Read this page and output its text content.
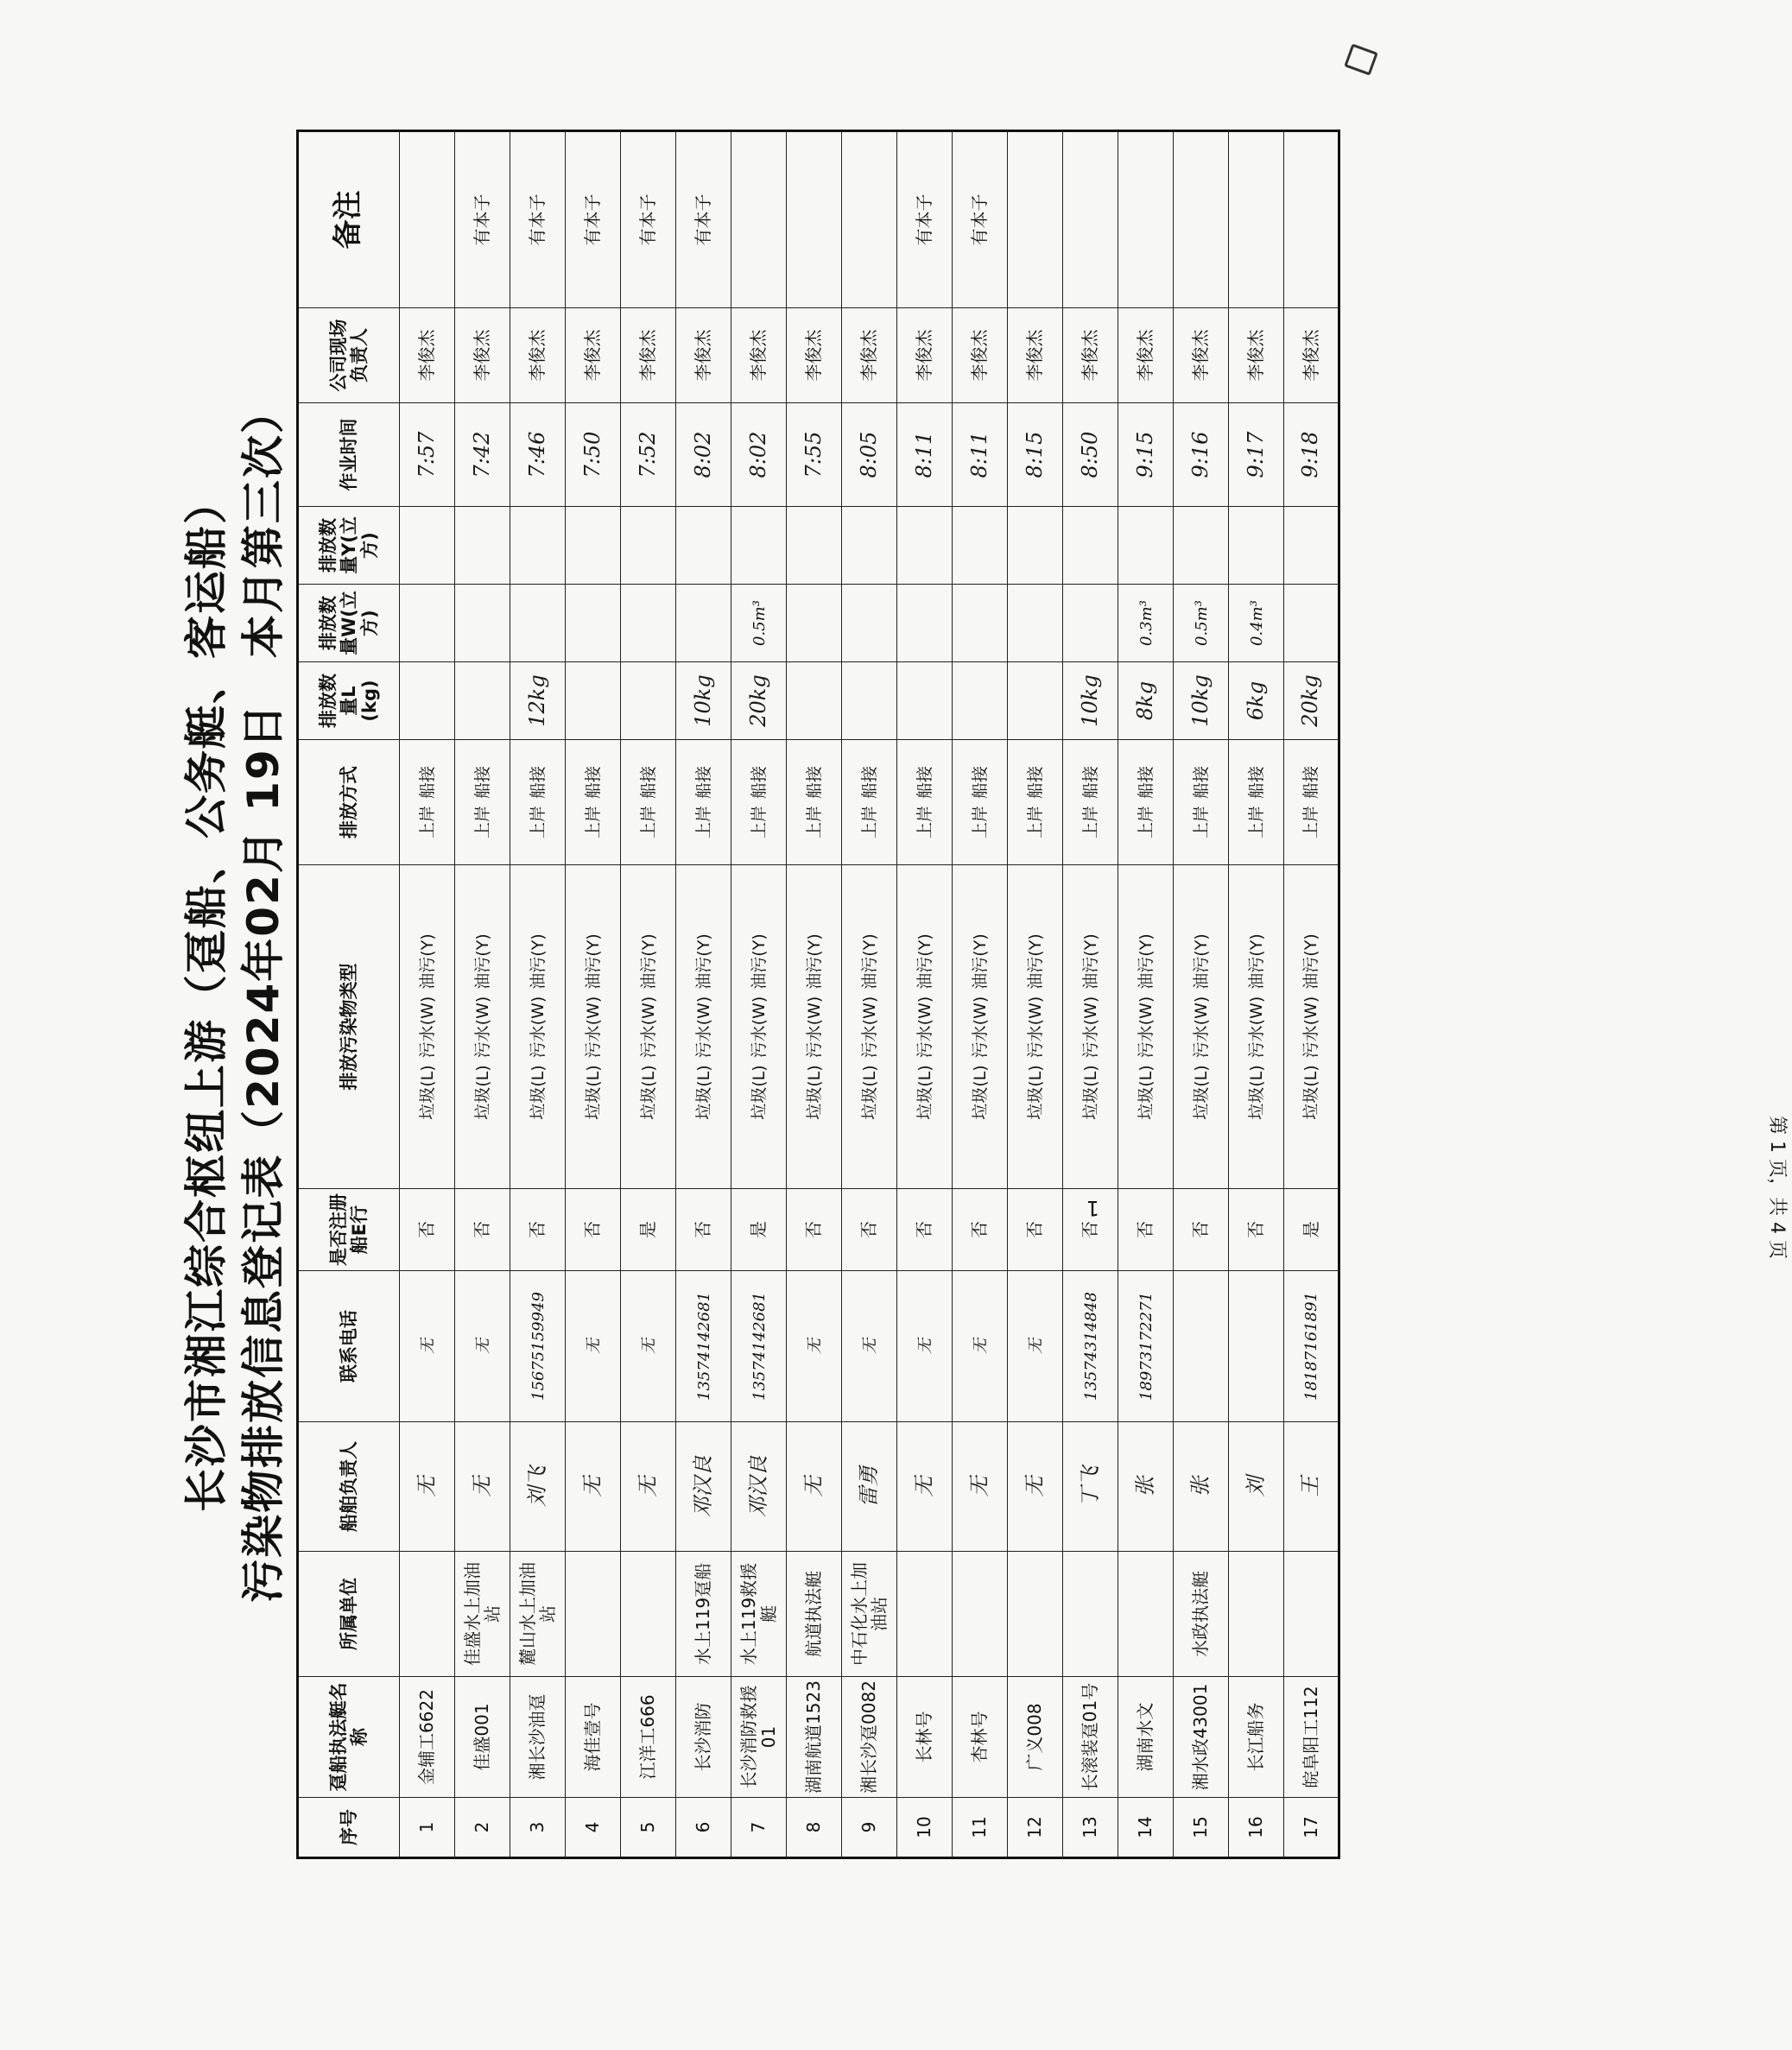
长沙市湘江综合枢纽上游（趸船、公务艇、客运船） 污染物排放信息登记表（2024年02月 19日　本月第三次）
序号	趸船执法艇名称	所属单位	船舶负责人	联系电话	是否注册船E行	排放污染物类型	排放方式	排放数量L (kg)	排放数量W(立方)	排放数量Y(立方)	作业时间	公司现场负责人	备注
1	金辅工6622		无	无	否	垃圾(L)污水(W)油污(Y)	上岸船接				7:57	李俊杰	
2	佳盛001	佳盛水上加油站	无	无	否	垃圾(L)污水(W)油污(Y)	上岸船接				7:42	李俊杰	有本子
3	湘长沙油趸	麓山水上加油站	刘飞	15675159949	否	垃圾(L)污水(W)油污(Y)	上岸船接	12kg			7:46	李俊杰	有本子
4	海佳壹号		无	无	否	垃圾(L)污水(W)油污(Y)	上岸船接				7:50	李俊杰	有本子
5	江洋工666		无	无	是	垃圾(L)污水(W)油污(Y)	上岸船接				7:52	李俊杰	有本子
6	长沙消防	水上119趸船	邓汉良	13574142681	否	垃圾(L)污水(W)油污(Y)	上岸船接	10kg			8:02	李俊杰	有本子
7	长沙消防救援01	水上119救援艇	邓汉良	13574142681	是	垃圾(L)污水(W)油污(Y)	上岸船接	20kg	0.5m³		8:02	李俊杰	
8	湖南航道1523	航道执法艇	无	无	否	垃圾(L)污水(W)油污(Y)	上岸船接				7:55	李俊杰	
9	湘长沙趸0082	中石化水上加油站	雷勇	无	否	垃圾(L)污水(W)油污(Y)	上岸船接				8:05	李俊杰	
10	长林号		无	无	否	垃圾(L)污水(W)油污(Y)	上岸船接				8:11	李俊杰	有本子
11	杏林号		无	无	否	垃圾(L)污水(W)油污(Y)	上岸船接				8:11	李俊杰	有本子
12	广义008		无	无	否	垃圾(L)污水(W)油污(Y)	上岸船接				8:15	李俊杰	
13	长滚装趸01号		丁飞	13574314848	否	垃圾(L)污水(W)油污(Y)	上岸船接	10kg			8:50	李俊杰	
14	湖南水文		张	18973172271	否	垃圾(L)污水(W)油污(Y)	上岸船接	8kg	0.3m³		9:15	李俊杰	
15	湘水政43001	水政执法艇	张		否	垃圾(L)污水(W)油污(Y)	上岸船接	10kg	0.5m³		9:16	李俊杰	
16	长江船务		刘		否	垃圾(L)污水(W)油污(Y)	上岸船接	6kg	0.4m³		9:17	李俊杰	
17	皖阜阳工112		王	18187161891	是	垃圾(L)污水(W)油污(Y)	上岸船接	20kg			9:18	李俊杰	
1	第 1 页，共 4 页
